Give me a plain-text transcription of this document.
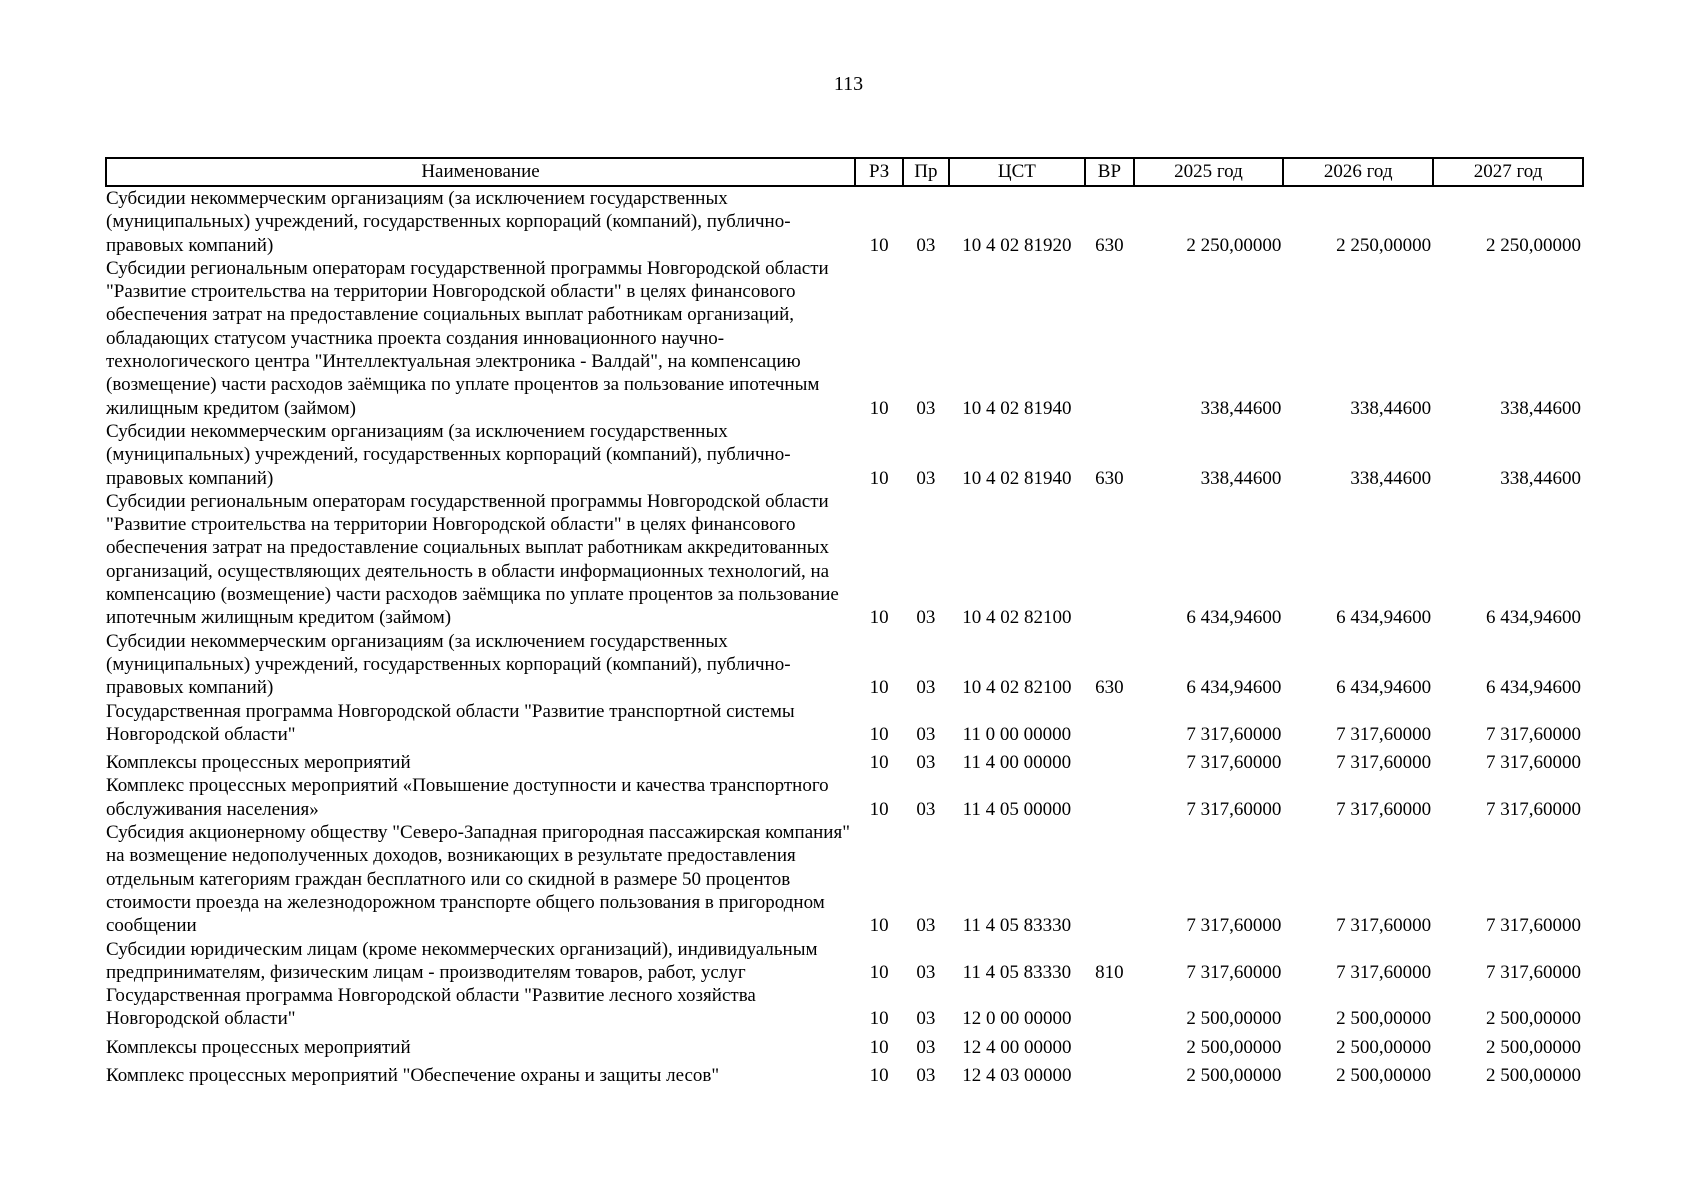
113
Наименование	РЗ	Пр	ЦСТ	ВР	2025 год	2026 год	2027 год
Субсидии некоммерческим организациям (за исключением государственных (муниципальных) учреждений, государственных корпораций (компаний), публично-правовых компаний)	10	03	10 4 02 81920	630	2 250,00000	2 250,00000	2 250,00000
Субсидии региональным операторам государственной программы Новгородской области "Развитие строительства на территории Новгородской области" в целях финансового обеспечения затрат на предоставление социальных выплат работникам организаций, обладающих статусом участника проекта создания инновационного научно-технологического центра "Интеллектуальная электроника - Валдай", на компенсацию (возмещение) части расходов заёмщика по уплате процентов за пользование ипотечным жилищным кредитом (займом)	10	03	10 4 02 81940		338,44600	338,44600	338,44600
Субсидии некоммерческим организациям (за исключением государственных (муниципальных) учреждений, государственных корпораций (компаний), публично-правовых компаний)	10	03	10 4 02 81940	630	338,44600	338,44600	338,44600
Субсидии региональным операторам государственной программы Новгородской области "Развитие строительства на территории Новгородской области" в целях финансового обеспечения затрат на предоставление социальных выплат работникам аккредитованных организаций, осуществляющих деятельность в области информационных технологий, на компенсацию (возмещение) части расходов заёмщика по уплате процентов за пользование ипотечным жилищным кредитом (займом)	10	03	10 4 02 82100		6 434,94600	6 434,94600	6 434,94600
Субсидии некоммерческим организациям (за исключением государственных (муниципальных) учреждений, государственных корпораций (компаний), публично-правовых компаний)	10	03	10 4 02 82100	630	6 434,94600	6 434,94600	6 434,94600
Государственная программа Новгородской области "Развитие транспортной системы Новгородской области"	10	03	11 0 00 00000		7 317,60000	7 317,60000	7 317,60000
Комплексы процессных мероприятий	10	03	11 4 00 00000		7 317,60000	7 317,60000	7 317,60000
Комплекс процессных мероприятий «Повышение доступности и качества транспортного обслуживания населения»	10	03	11 4 05 00000		7 317,60000	7 317,60000	7 317,60000
Субсидия акционерному обществу "Северо-Западная пригородная пассажирская компания" на возмещение недополученных доходов, возникающих в результате предоставления отдельным категориям граждан бесплатного или со скидной в размере 50 процентов стоимости проезда на железнодорожном транспорте общего пользования в пригородном сообщении	10	03	11 4 05 83330		7 317,60000	7 317,60000	7 317,60000
Субсидии юридическим лицам (кроме некоммерческих организаций), индивидуальным предпринимателям, физическим лицам - производителям товаров, работ, услуг	10	03	11 4 05 83330	810	7 317,60000	7 317,60000	7 317,60000
Государственная программа Новгородской области "Развитие лесного хозяйства Новгородской области"	10	03	12 0 00 00000		2 500,00000	2 500,00000	2 500,00000
Комплексы процессных мероприятий	10	03	12 4 00 00000		2 500,00000	2 500,00000	2 500,00000
Комплекс процессных мероприятий "Обеспечение охраны и защиты лесов"	10	03	12 4 03 00000		2 500,00000	2 500,00000	2 500,00000
